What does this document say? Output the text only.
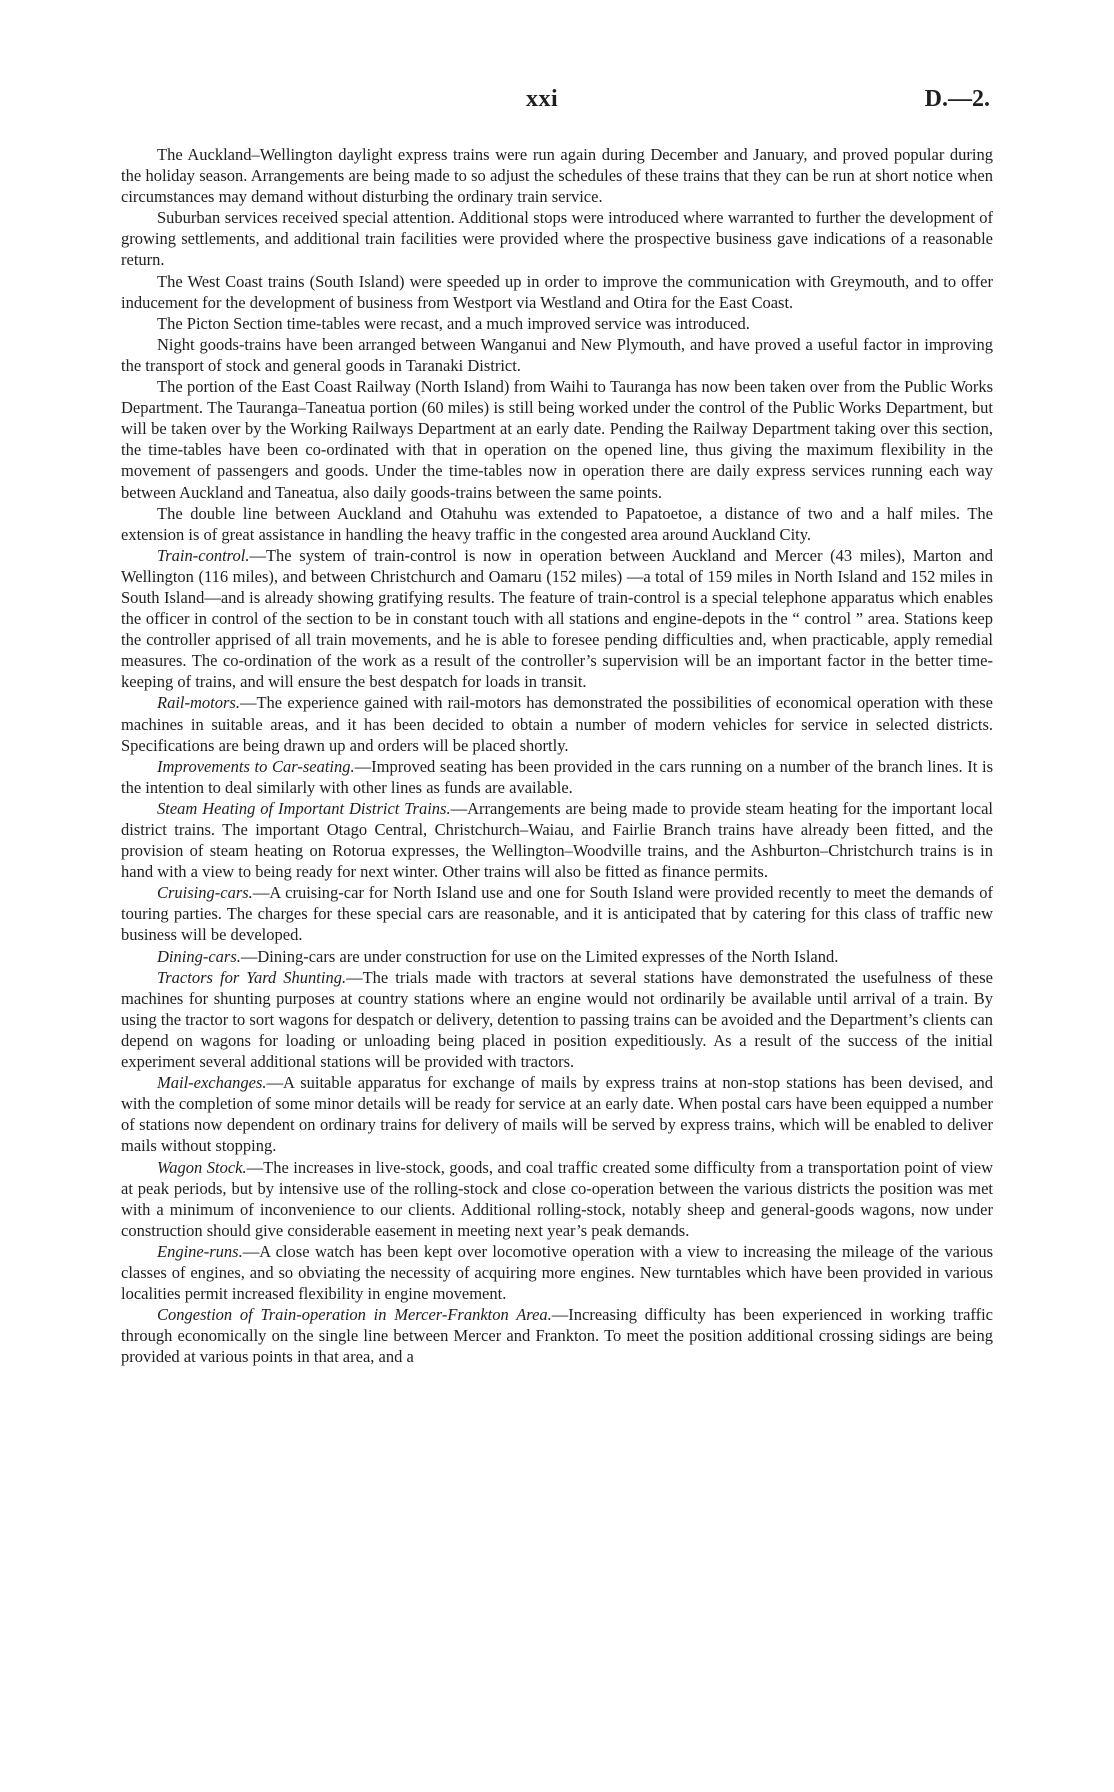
xxi	D.—2.

The Auckland–Wellington daylight express trains were run again during December and January, and proved popular during the holiday season. Arrangements are being made to so adjust the schedules of these trains that they can be run at short notice when circumstances may demand without disturbing the ordinary train service.

Suburban services received special attention. Additional stops were introduced where warranted to further the development of growing settlements, and additional train facilities were provided where the prospective business gave indications of a reasonable return.

The West Coast trains (South Island) were speeded up in order to improve the communication with Greymouth, and to offer inducement for the development of business from Westport via Westland and Otira for the East Coast.

The Picton Section time-tables were recast, and a much improved service was introduced.

Night goods-trains have been arranged between Wanganui and New Plymouth, and have proved a useful factor in improving the transport of stock and general goods in Taranaki District.

The portion of the East Coast Railway (North Island) from Waihi to Tauranga has now been taken over from the Public Works Department. The Tauranga–Taneatua portion (60 miles) is still being worked under the control of the Public Works Department, but will be taken over by the Working Railways Department at an early date. Pending the Railway Department taking over this section, the time-tables have been co-ordinated with that in operation on the opened line, thus giving the maximum flexibility in the movement of passengers and goods. Under the time-tables now in operation there are daily express services running each way between Auckland and Taneatua, also daily goods-trains between the same points.

The double line between Auckland and Otahuhu was extended to Papatoetoe, a distance of two and a half miles. The extension is of great assistance in handling the heavy traffic in the congested area around Auckland City.

Train-control.—The system of train-control is now in operation between Auckland and Mercer (43 miles), Marton and Wellington (116 miles), and between Christchurch and Oamaru (152 miles) —a total of 159 miles in North Island and 152 miles in South Island—and is already showing gratifying results. The feature of train-control is a special telephone apparatus which enables the officer in control of the section to be in constant touch with all stations and engine-depots in the “ control ” area. Stations keep the controller apprised of all train movements, and he is able to foresee pending difficulties and, when practicable, apply remedial measures. The co-ordination of the work as a result of the controller’s supervision will be an important factor in the better time-keeping of trains, and will ensure the best despatch for loads in transit.

Rail-motors.—The experience gained with rail-motors has demonstrated the possibilities of economical operation with these machines in suitable areas, and it has been decided to obtain a number of modern vehicles for service in selected districts. Specifications are being drawn up and orders will be placed shortly.

Improvements to Car-seating.—Improved seating has been provided in the cars running on a number of the branch lines. It is the intention to deal similarly with other lines as funds are available.

Steam Heating of Important District Trains.—Arrangements are being made to provide steam heating for the important local district trains. The important Otago Central, Christchurch–Waiau, and Fairlie Branch trains have already been fitted, and the provision of steam heating on Rotorua expresses, the Wellington–Woodville trains, and the Ashburton–Christchurch trains is in hand with a view to being ready for next winter. Other trains will also be fitted as finance permits.

Cruising-cars.—A cruising-car for North Island use and one for South Island were provided recently to meet the demands of touring parties. The charges for these special cars are reasonable, and it is anticipated that by catering for this class of traffic new business will be developed.

Dining-cars.—Dining-cars are under construction for use on the Limited expresses of the North Island.

Tractors for Yard Shunting.—The trials made with tractors at several stations have demonstrated the usefulness of these machines for shunting purposes at country stations where an engine would not ordinarily be available until arrival of a train. By using the tractor to sort wagons for despatch or delivery, detention to passing trains can be avoided and the Department’s clients can depend on wagons for loading or unloading being placed in position expeditiously. As a result of the success of the initial experiment several additional stations will be provided with tractors.

Mail-exchanges.—A suitable apparatus for exchange of mails by express trains at non-stop stations has been devised, and with the completion of some minor details will be ready for service at an early date. When postal cars have been equipped a number of stations now dependent on ordinary trains for delivery of mails will be served by express trains, which will be enabled to deliver mails without stopping.

Wagon Stock.—The increases in live-stock, goods, and coal traffic created some difficulty from a transportation point of view at peak periods, but by intensive use of the rolling-stock and close co-operation between the various districts the position was met with a minimum of inconvenience to our clients. Additional rolling-stock, notably sheep and general-goods wagons, now under construction should give considerable easement in meeting next year’s peak demands.

Engine-runs.—A close watch has been kept over locomotive operation with a view to increasing the mileage of the various classes of engines, and so obviating the necessity of acquiring more engines. New turntables which have been provided in various localities permit increased flexibility in engine movement.

Congestion of Train-operation in Mercer-Frankton Area.—Increasing difficulty has been experienced in working traffic through economically on the single line between Mercer and Frankton. To meet the position additional crossing sidings are being provided at various points in that area, and a
